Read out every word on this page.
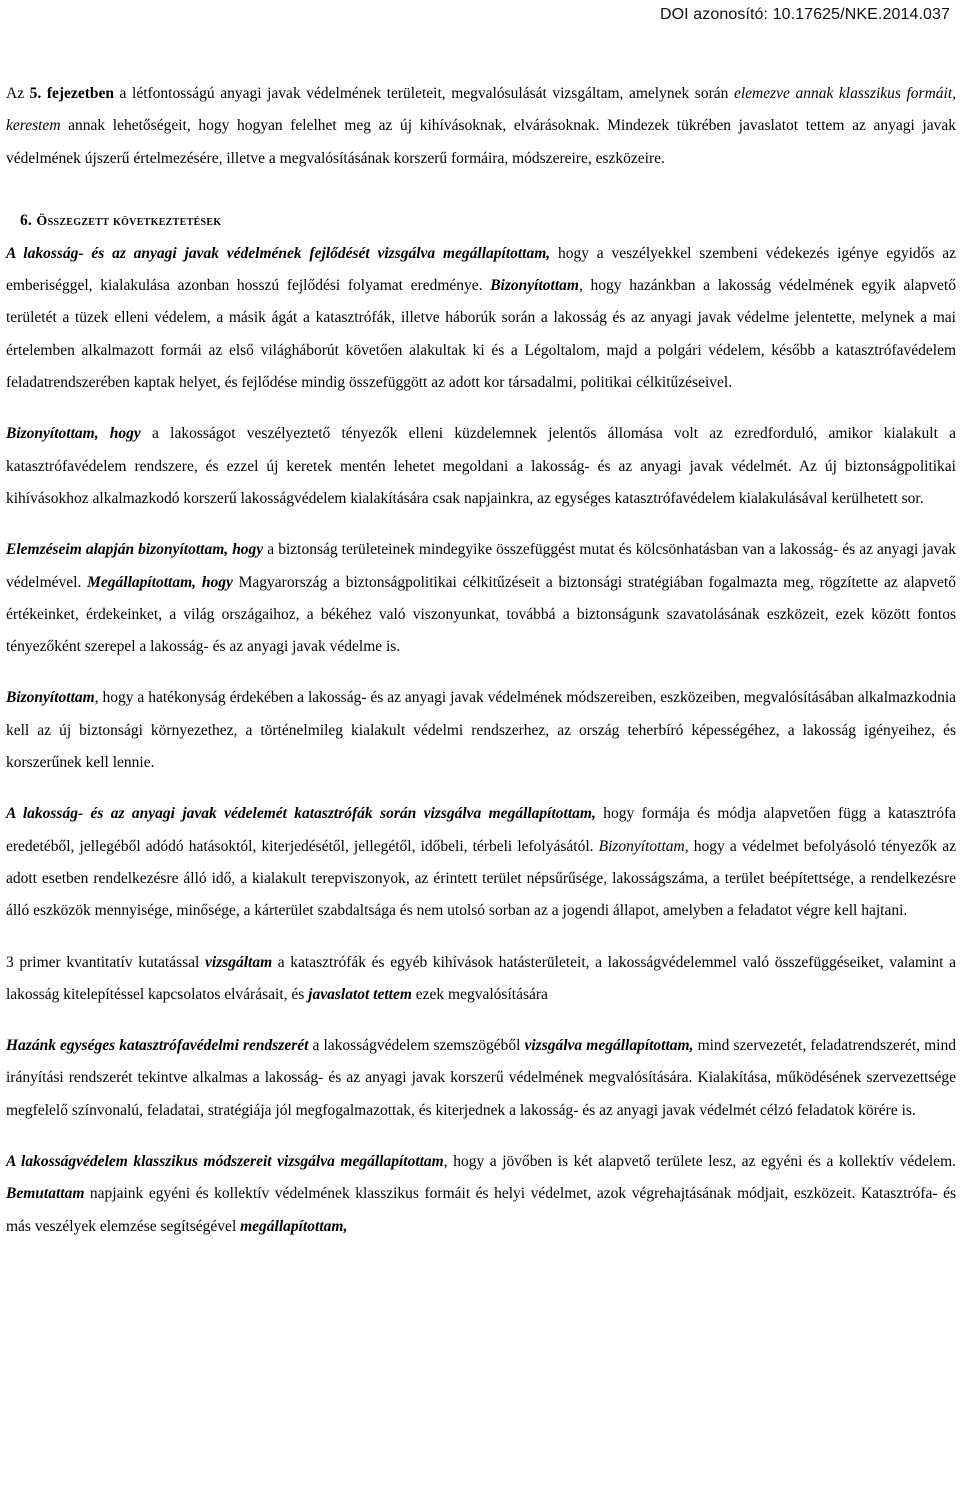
DOI azonosító: 10.17625/NKE.2014.037

Az 5. fejezetben a létfontosságú anyagi javak védelmének területeit, megvalósulását vizsgáltam, amelynek során elemezve annak klasszikus formáit, kerestem annak lehetőségeit, hogy hogyan felelhet meg az új kihívásoknak, elvárásoknak. Mindezek tükrében javaslatot tettem az anyagi javak védelmének újszerű értelmezésére, illetve a megvalósításának korszerű formáira, módszereire, eszközeire.

6. Összegzett következtetések

A lakosság- és az anyagi javak védelmének fejlődését vizsgálva megállapítottam, hogy a veszélyekkel szembeni védekezés igénye egyidős az emberiséggel, kialakulása azonban hosszú fejlődési folyamat eredménye. Bizonyítottam, hogy hazánkban a lakosság védelmének egyik alapvető területét a tüzek elleni védelem, a másik ágát a katasztrófák, illetve háborúk során a lakosság és az anyagi javak védelme jelentette, melynek a mai értelemben alkalmazott formái az első világháborút követően alakultak ki és a Légoltalom, majd a polgári védelem, később a katasztrófavédelem feladatrendszerében kaptak helyet, és fejlődése mindig összefüggött az adott kor társadalmi, politikai célkitűzéseivel.

Bizonyítottam, hogy a lakosságot veszélyeztető tényezők elleni küzdelemnek jelentős állomása volt az ezredforduló, amikor kialakult a katasztrófavédelem rendszere, és ezzel új keretek mentén lehetet megoldani a lakosság- és az anyagi javak védelmét. Az új biztonságpolitikai kihívásokhoz alkalmazkodó korszerű lakosságvédelem kialakítására csak napjainkra, az egységes katasztrófavédelem kialakulásával kerülhetett sor.

Elemzéseim alapján bizonyítottam, hogy a biztonság területeinek mindegyike összefüggést mutat és kölcsönhatásban van a lakosság- és az anyagi javak védelmével. Megállapítottam, hogy Magyarország a biztonságpolitikai célkitűzéseit a biztonsági stratégiában fogalmazta meg, rögzítette az alapvető értékeinket, érdekeinket, a világ országaihoz, a békéhez való viszonyunkat, továbbá a biztonságunk szavatolásának eszközeit, ezek között fontos tényezőként szerepel a lakosság- és az anyagi javak védelme is.

Bizonyítottam, hogy a hatékonyság érdekében a lakosság- és az anyagi javak védelmének módszereiben, eszközeiben, megvalósításában alkalmazkodnia kell az új biztonsági környezethez, a történelmileg kialakult védelmi rendszerhez, az ország teherbíró képességéhez, a lakosság igényeihez, és korszerűnek kell lennie.

A lakosság- és az anyagi javak védelemét katasztrófák során vizsgálva megállapítottam, hogy formája és módja alapvetően függ a katasztrófa eredetéből, jellegéből adódó hatásoktól, kiterjedésétől, jellegétől, időbeli, térbeli lefolyásától. Bizonyítottam, hogy a védelmet befolyásoló tényezők az adott esetben rendelkezésre álló idő, a kialakult terepviszonyok, az érintett terület népsűrűsége, lakosságszáma, a terület beépítettsége, a rendelkezésre álló eszközök mennyisége, minősége, a kárterület szabdaltsága és nem utolsó sorban az a jogendi állapot, amelyben a feladatot végre kell hajtani.

3 primer kvantitatív kutatással vizsgáltam a katasztrófák és egyéb kihívások hatásterületeit, a lakosságvédelemmel való összefüggéseiket, valamint a lakosság kitelepítéssel kapcsolatos elvárásait, és javaslatot tettem ezek megvalósítására

Hazánk egységes katasztrófavédelmi rendszerét a lakosságvédelem szemszögéből vizsgálva megállapítottam, mind szervezetét, feladatrendszerét, mind irányítási rendszerét tekintve alkalmas a lakosság- és az anyagi javak korszerű védelmének megvalósítására. Kialakítása, működésének szervezettsége megfelelő színvonalú, feladatai, stratégiája jól megfogalmazottak, és kiterjednek a lakosság- és az anyagi javak védelmét célzó feladatok körére is.

A lakosságvédelem klasszikus módszereit vizsgálva megállapítottam, hogy a jövőben is két alapvető területe lesz, az egyéni és a kollektív védelem. Bemutattam napjaink egyéni és kollektív védelmének klasszikus formáit és helyi védelmet, azok végrehajtásának módjait, eszközeit. Katasztrófa- és más veszélyek elemzése segítségével megállapítottam,
